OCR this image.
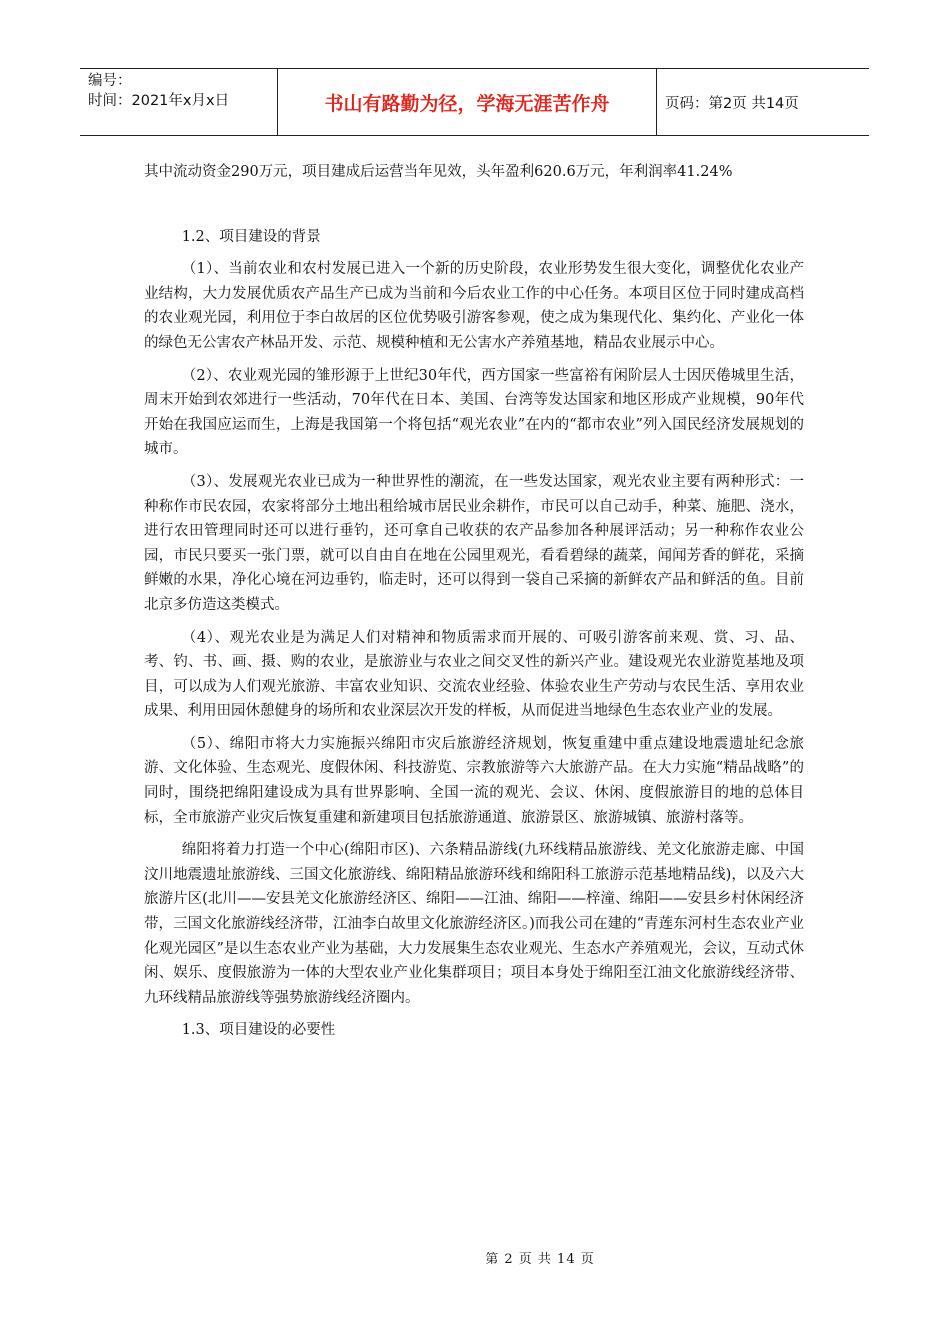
编号：
时间：2021年x月x日	书山有路勤为径，学海无涯苦作舟	页码：第2页 共14页

其中流动资金290万元，项目建成后运营当年见效，头年盈利620.6万元，年利润率41.24%

1.2、项目建设的背景

（1）、当前农业和农村发展已进入一个新的历史阶段，农业形势发生很大变化，调整优化农业产业结构，大力发展优质农产品生产已成为当前和今后农业工作的中心任务。本项目区位于同时建成高档的农业观光园，利用位于李白故居的区位优势吸引游客参观，使之成为集现代化、集约化、产业化一体的绿色无公害农产林品开发、示范、规模种植和无公害水产养殖基地，精品农业展示中心。

（2）、农业观光园的雏形源于上世纪30年代，西方国家一些富裕有闲阶层人士因厌倦城里生活，周末开始到农郊进行一些活动，70年代在日本、美国、台湾等发达国家和地区形成产业规模，90年代开始在我国应运而生，上海是我国第一个将包括“观光农业”在内的“都市农业”列入国民经济发展规划的城市。

（3）、发展观光农业已成为一种世界性的潮流，在一些发达国家，观光农业主要有两种形式：一种称作市民农园，农家将部分土地出租给城市居民业余耕作，市民可以自己动手，种菜、施肥、浇水，进行农田管理同时还可以进行垂钓，还可拿自己收获的农产品参加各种展评活动；另一种称作农业公园，市民只要买一张门票，就可以自由自在地在公园里观光，看看碧绿的蔬菜，闻闻芳香的鲜花，采摘鲜嫩的水果，净化心境在河边垂钓，临走时，还可以得到一袋自己采摘的新鲜农产品和鲜活的鱼。目前北京多仿造这类模式。

（4）、观光农业是为满足人们对精神和物质需求而开展的、可吸引游客前来观、赏、习、品、考、钓、书、画、摄、购的农业，是旅游业与农业之间交叉性的新兴产业。建设观光农业游览基地及项目，可以成为人们观光旅游、丰富农业知识、交流农业经验、体验农业生产劳动与农民生活、享用农业成果、利用田园休憩健身的场所和农业深层次开发的样板，从而促进当地绿色生态农业产业的发展。

（5）、绵阳市将大力实施振兴绵阳市灾后旅游经济规划，恢复重建中重点建设地震遗址纪念旅游、文化体验、生态观光、度假休闲、科技游览、宗教旅游等六大旅游产品。在大力实施“精品战略”的同时，围绕把绵阳建设成为具有世界影响、全国一流的观光、会议、休闲、度假旅游目的地的总体目标，全市旅游产业灾后恢复重建和新建项目包括旅游通道、旅游景区、旅游城镇、旅游村落等。

绵阳将着力打造一个中心(绵阳市区)、六条精品游线(九环线精品旅游线、羌文化旅游走廊、中国汶川地震遗址旅游线、三国文化旅游线、绵阳精品旅游环线和绵阳科工旅游示范基地精品线)，以及六大旅游片区(北川——安县羌文化旅游经济区、绵阳——江油、绵阳——梓潼、绵阳——安县乡村休闲经济带，三国文化旅游线经济带，江油李白故里文化旅游经济区。)而我公司在建的“青莲东河村生态农业产业化观光园区”是以生态农业产业为基础，大力发展集生态农业观光、生态水产养殖观光，会议，互动式休闲、娱乐、度假旅游为一体的大型农业产业化集群项目；项目本身处于绵阳至江油文化旅游线经济带、九环线精品旅游线等强势旅游线经济圈内。

1.3、项目建设的必要性

第 2 页 共 14 页
